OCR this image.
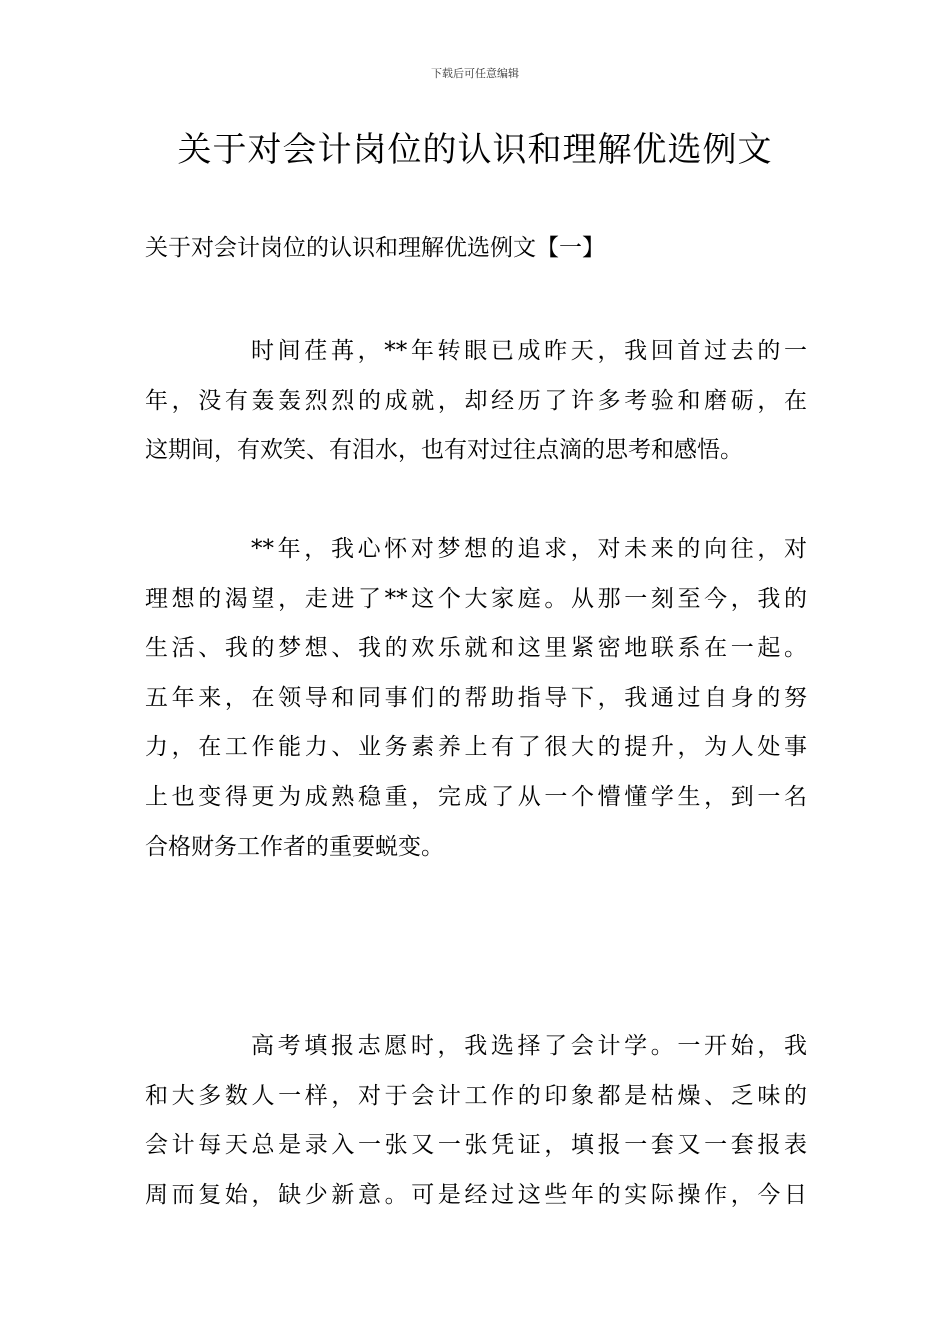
下载后可任意编辑
关于对会计岗位的认识和理解优选例文
关于对会计岗位的认识和理解优选例文【一】

时间荏苒，**年转眼已成昨天，我回首过去的一
年，没有轰轰烈烈的成就，却经历了许多考验和磨砺，在
这期间，有欢笑、有泪水，也有对过往点滴的思考和感悟。

**年，我心怀对梦想的追求，对未来的向往，对
理想的渴望，走进了**这个大家庭。从那一刻至今，我的
生活、我的梦想、我的欢乐就和这里紧密地联系在一起。
五年来，在领导和同事们的帮助指导下，我通过自身的努
力，在工作能力、业务素养上有了很大的提升，为人处事
上也变得更为成熟稳重，完成了从一个懵懂学生，到一名
合格财务工作者的重要蜕变。

高考填报志愿时，我选择了会计学。一开始，我
和大多数人一样，对于会计工作的印象都是枯燥、乏味的
会计每天总是录入一张又一张凭证，填报一套又一套报表
周而复始，缺少新意。可是经过这些年的实际操作，今日
